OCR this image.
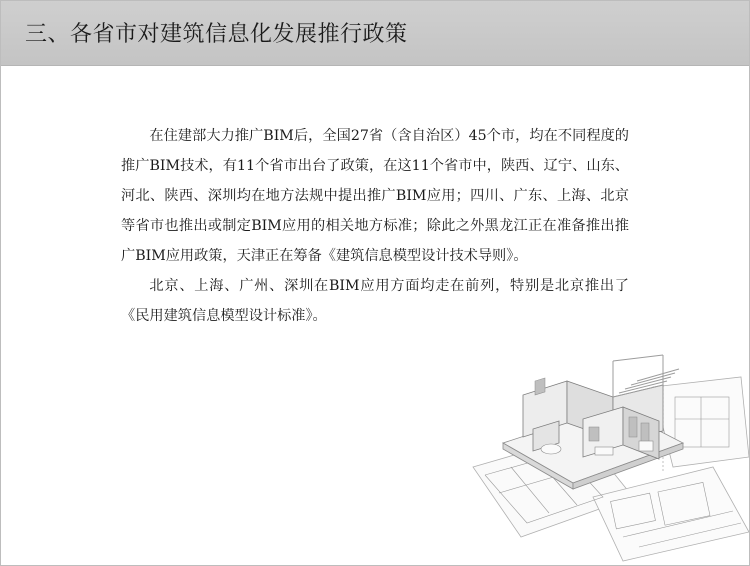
三、各省市对建筑信息化发展推行政策

在住建部大力推广BIM后，全国27省（含自治区）45个市，均在不同程度的推广BIM技术，有11个省市出台了政策，在这11个省市中，陕西、辽宁、山东、河北、陕西、深圳均在地方法规中提出推广BIM应用；四川、广东、上海、北京等省市也推出或制定BIM应用的相关地方标准；除此之外黑龙江正在准备推出推广BIM应用政策，天津正在筹备《建筑信息模型设计技术导则》。

北京、上海、广州、深圳在BIM应用方面均走在前列，特别是北京推出了《民用建筑信息模型设计标准》。
